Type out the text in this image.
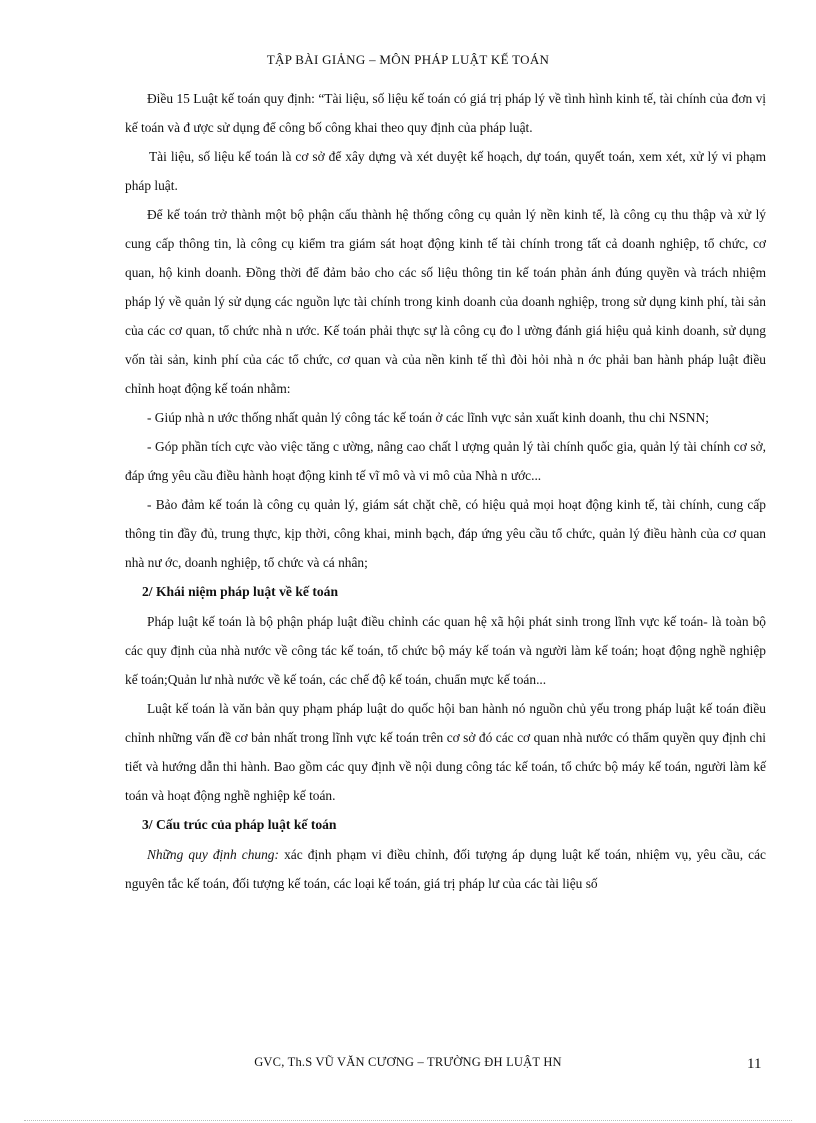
TẬP BÀI GIẢNG – MÔN PHÁP LUẬT KẾ TOÁN

Điều 15 Luật kế toán quy định: “Tài liệu, số liệu kế toán có giá trị pháp lý về tình hình kinh tế, tài chính của đơn vị kế toán và đ ược sử dụng để công bố công khai theo quy định của pháp luật.

Tài liệu, số liệu kế toán là cơ sở để xây dựng và xét duyệt kế hoạch, dự toán, quyết toán, xem xét, xử lý vi phạm pháp luật.

Để kế toán trở thành một bộ phận cấu thành hệ thống công cụ quản lý nền kinh tế, là công cụ thu thập và xử lý cung cấp thông tin, là công cụ kiểm tra giám sát hoạt động kinh tế tài chính trong tất cả doanh nghiệp, tổ chức, cơ quan, hộ kinh doanh. Đồng thời để đảm bảo cho các số liệu thông tin kế toán phản ánh đúng quyền và trách nhiệm pháp lý về quản lý sử dụng các nguồn lực tài chính trong kinh doanh của doanh nghiệp, trong sử dụng kinh phí, tài sản của các cơ quan, tổ chức nhà n ước. Kế toán phải thực sự là công cụ đo l ường đánh giá hiệu quả kinh doanh, sử dụng vốn tài sản, kinh phí của các tổ chức, cơ quan và của nền kinh tế thì đòi hỏi nhà n ớc phải ban hành pháp luật điều chỉnh hoạt động kế toán nhằm:

- Giúp nhà n ước thống nhất quản lý công tác kế toán ở các lĩnh vực sản xuất kinh doanh, thu chi NSNN;

- Góp phần tích cực vào việc tăng c ường, nâng cao chất l ượng quản lý tài chính quốc gia, quản lý tài chính cơ sở, đáp ứng yêu cầu điều hành hoạt động kinh tế vĩ mô và vi mô của Nhà n ước...

- Bảo đảm kế toán là công cụ quản lý, giám sát chặt chẽ, có hiệu quả mọi hoạt động kinh tế, tài chính, cung cấp thông tin đầy đủ, trung thực, kịp thời, công khai, minh bạch, đáp ứng yêu cầu tổ chức, quản lý điều hành của cơ quan nhà nư ớc, doanh nghiệp, tổ chức và cá nhân;

2/ Khái niệm pháp luật về kế toán

Pháp luật kế toán là bộ phận pháp luật điều chỉnh các quan hệ xã hội phát sinh trong lĩnh vực kế toán- là toàn bộ các quy định của nhà nước về công tác kế toán, tổ chức bộ máy kế toán và người làm kế toán; hoạt động nghề nghiệp kế toán;Quản lư nhà nước về kế toán, các chế độ kế toán, chuẩn mực kế toán...

Luật kế toán là văn bản quy phạm pháp luật do quốc hội ban hành nó nguồn chủ yếu trong pháp luật kế toán điều chỉnh những vấn đề cơ bản nhất trong lĩnh vực kế toán trên cơ sở đó các cơ quan nhà nước có thẩm quyền quy định chi tiết và hướng dẫn thi hành. Bao gồm các quy định về nội dung công tác kế toán, tổ chức bộ máy kế toán, người làm kế toán và hoạt động nghề nghiệp kế toán.

3/ Cấu trúc của pháp luật kế toán

Những quy định chung: xác định phạm vi điều chỉnh, đối tượng áp dụng luật kế toán, nhiệm vụ, yêu cầu, các nguyên tắc kế toán, đối tượng kế toán, các loại kế toán, giá trị pháp lư của các tài liệu số

GVC, Th.S VŨ VĂN CƯƠNG – TRƯỜNG ĐH LUẬT HN	11
